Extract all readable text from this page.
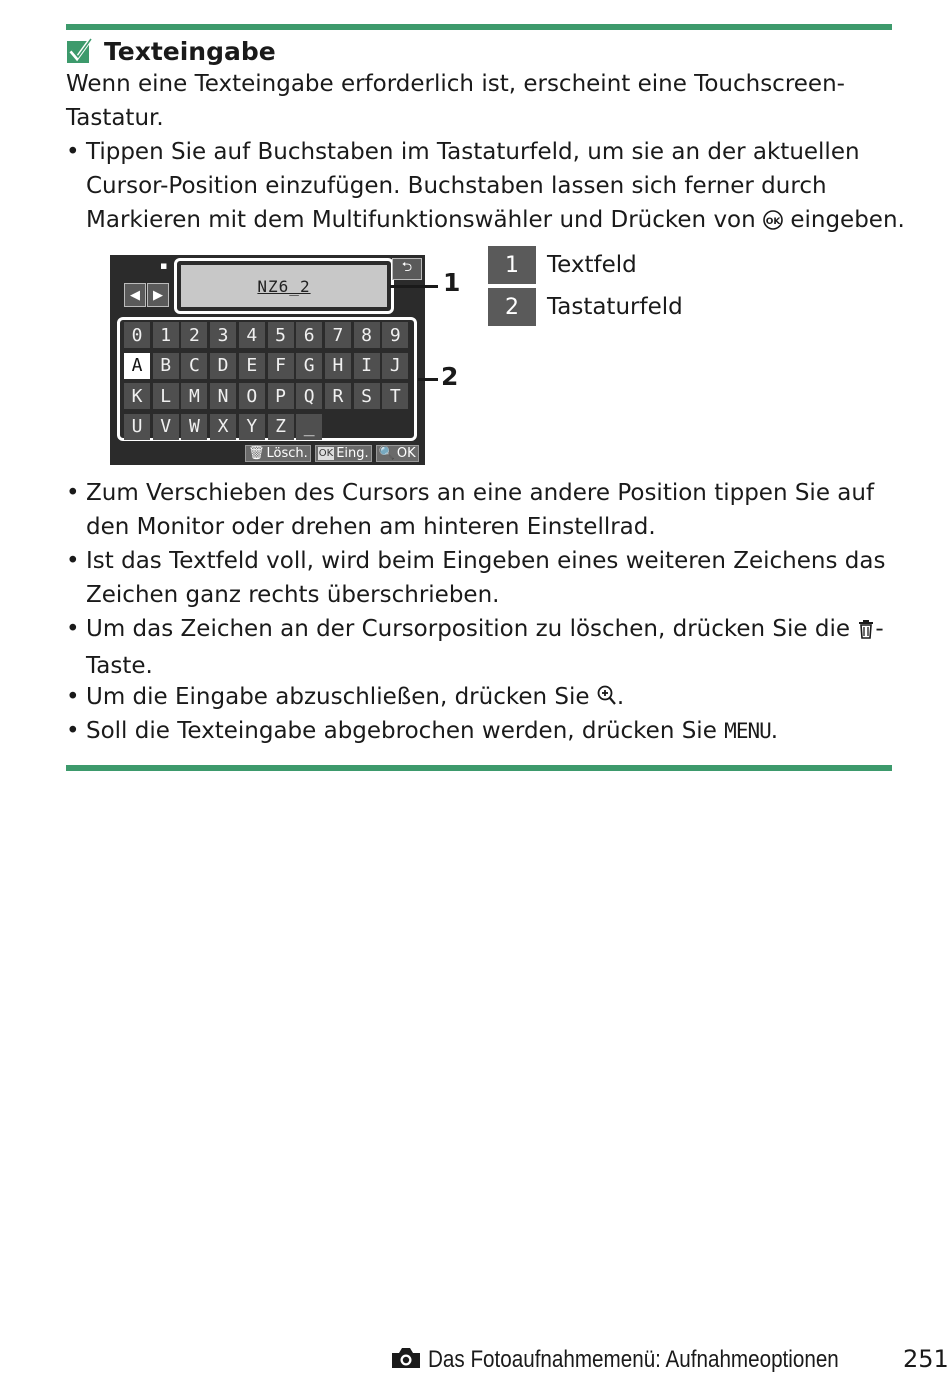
Texteingabe
Wenn eine Texteingabe erforderlich ist, erscheint eine Touchscreen-Tastatur.
• Tippen Sie auf Buchstaben im Tastaturfeld, um sie an der aktuellen Cursor-Position einzufügen. Buchstaben lassen sich ferner durch Markieren mit dem Multifunktionswähler und Drücken von OK eingeben.
◀	▶
▪
NZ6_2
⮌
0 1 2 3 4 5 6 7 8 9
A B C D E F G H I J
K L M N O P Q R S T
U V W X Y Z _
🗑 Lösch. OK Eing. 🔍 OK
1
2
1	Textfeld
2	Tastaturfeld
• Zum Verschieben des Cursors an eine andere Position tippen Sie auf den Monitor oder drehen am hinteren Einstellrad.
• Ist das Textfeld voll, wird beim Eingeben eines weiteren Zeichens das Zeichen ganz rechts überschrieben.
• Um das Zeichen an der Cursorposition zu löschen, drücken Sie die -Taste.
• Um die Eingabe abzuschließen, drücken Sie .
• Soll die Texteingabe abgebrochen werden, drücken Sie MENU.
Das Fotoaufnahmemenü: Aufnahmeoptionen	251
